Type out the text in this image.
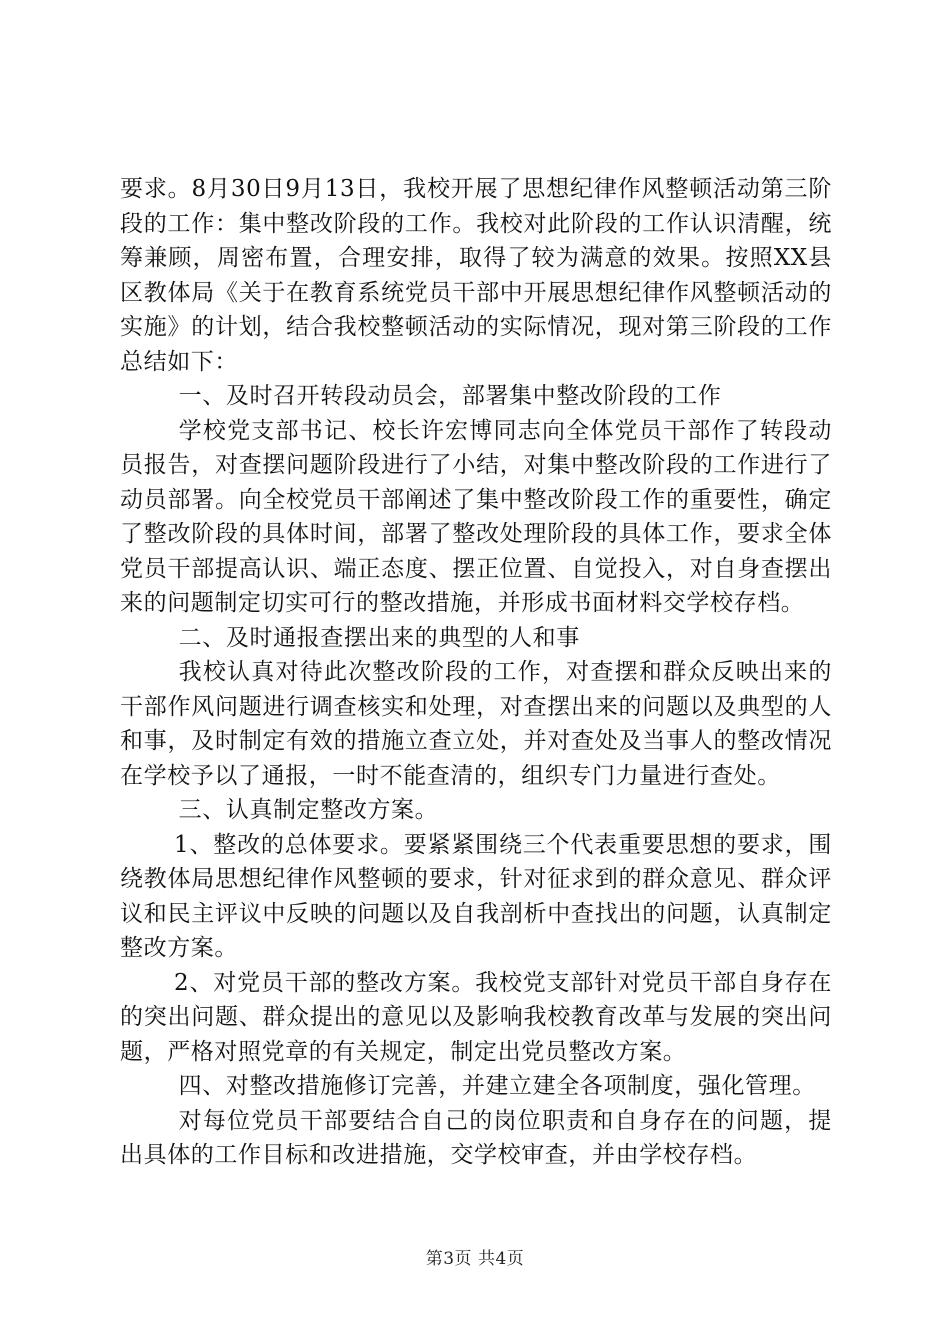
要求。8月30日9月13日，我校开展了思想纪律作风整顿活动第三阶段的工作：集中整改阶段的工作。我校对此阶段的工作认识清醒，统筹兼顾，周密布置，合理安排，取得了较为满意的效果。按照XX县区教体局《关于在教育系统党员干部中开展思想纪律作风整顿活动的实施》的计划，结合我校整顿活动的实际情况，现对第三阶段的工作总结如下：

一、及时召开转段动员会，部署集中整改阶段的工作

学校党支部书记、校长许宏博同志向全体党员干部作了转段动员报告，对查摆问题阶段进行了小结，对集中整改阶段的工作进行了动员部署。向全校党员干部阐述了集中整改阶段工作的重要性，确定了整改阶段的具体时间，部署了整改处理阶段的具体工作，要求全体党员干部提高认识、端正态度、摆正位置、自觉投入，对自身查摆出来的问题制定切实可行的整改措施，并形成书面材料交学校存档。

二、及时通报查摆出来的典型的人和事

我校认真对待此次整改阶段的工作，对查摆和群众反映出来的干部作风问题进行调查核实和处理，对查摆出来的问题以及典型的人和事，及时制定有效的措施立查立处，并对查处及当事人的整改情况在学校予以了通报，一时不能查清的，组织专门力量进行查处。

三、认真制定整改方案。

1、整改的总体要求。要紧紧围绕三个代表重要思想的要求，围绕教体局思想纪律作风整顿的要求，针对征求到的群众意见、群众评议和民主评议中反映的问题以及自我剖析中查找出的问题，认真制定整改方案。

2、对党员干部的整改方案。我校党支部针对党员干部自身存在的突出问题、群众提出的意见以及影响我校教育改革与发展的突出问题，严格对照党章的有关规定，制定出党员整改方案。

四、对整改措施修订完善，并建立建全各项制度，强化管理。

对每位党员干部要结合自己的岗位职责和自身存在的问题，提出具体的工作目标和改进措施，交学校审查，并由学校存档。

第3页 共4页
